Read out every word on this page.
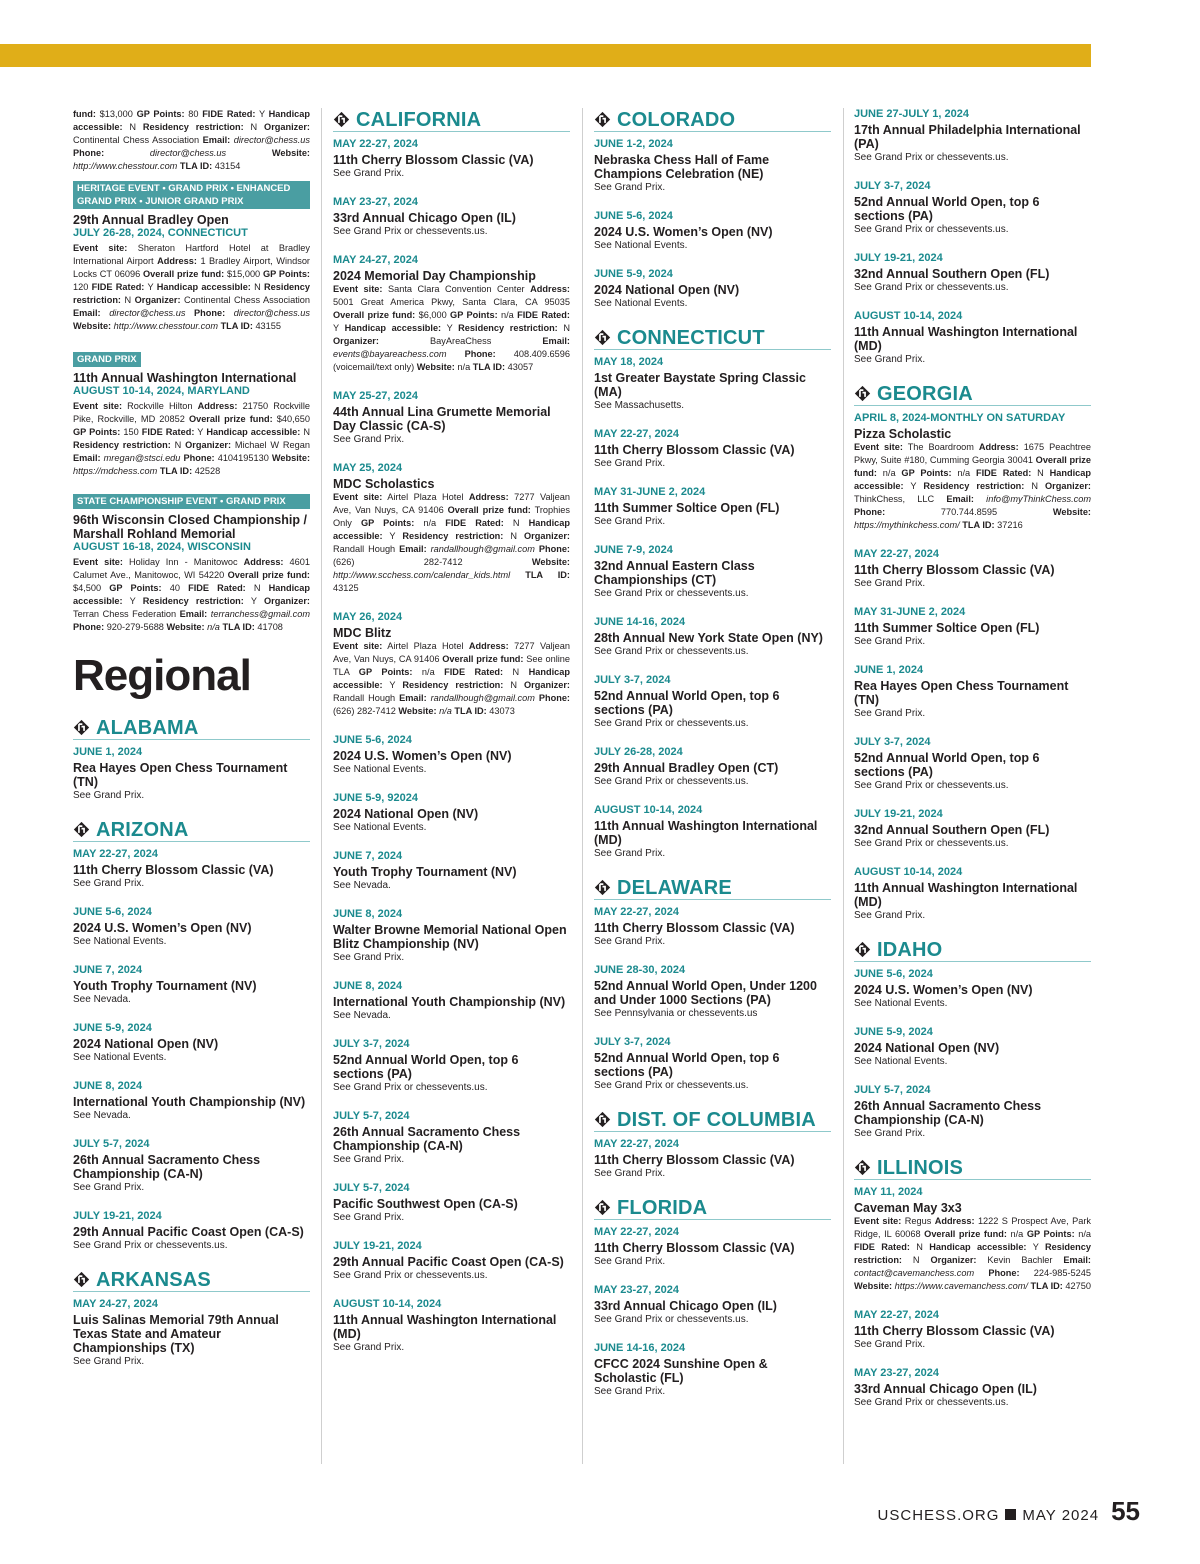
fund: $13,000 GP Points: 80 FIDE Rated: Y Handicap accessible: N Residency restriction: N Organizer: Continental Chess Association Email: director@chess.us Phone: director@chess.us Website: http://www.chesstour.com TLA ID: 43154
HERITAGE EVENT • GRAND PRIX • ENHANCED GRAND PRIX • JUNIOR GRAND PRIX
29th Annual Bradley Open
JULY 26-28, 2024, CONNECTICUT
Event site: Sheraton Hartford Hotel at Bradley International Airport Address: 1 Bradley Airport, Windsor Locks CT 06096 Overall prize fund: $15,000 GP Points: 120 FIDE Rated: Y Handicap accessible: N Residency restriction: N Organizer: Continental Chess Association Email: director@chess.us Phone: director@chess.us Website: http://www.chesstour.com TLA ID: 43155
GRAND PRIX
11th Annual Washington International
AUGUST 10-14, 2024, MARYLAND
Event site: Rockville Hilton Address: 21750 Rockville Pike, Rockville, MD 20852 Overall prize fund: $40,650 GP Points: 150 FIDE Rated: Y Handicap accessible: N Residency restriction: N Organizer: Michael W Regan Email: mregan@stsci.edu Phone: 4104195130 Website: https://mdchess.com TLA ID: 42528
STATE CHAMPIONSHIP EVENT • GRAND PRIX
96th Wisconsin Closed Championship / Marshall Rohland Memorial
AUGUST 16-18, 2024, WISCONSIN
Event site: Holiday Inn - Manitowoc Address: 4601 Calumet Ave., Manitowoc, WI 54220 Overall prize fund: $4,500 GP Points: 40 FIDE Rated: N Handicap accessible: Y Residency restriction: Y Organizer: Terran Chess Federation Email: terranchess@gmail.com Phone: 920-279-5688 Website: n/a TLA ID: 41708
Regional
ALABAMA
JUNE 1, 2024
Rea Hayes Open Chess Tournament (TN)
See Grand Prix.
ARIZONA
MAY 22-27, 2024
11th Cherry Blossom Classic (VA)
See Grand Prix.
JUNE 5-6, 2024
2024 U.S. Women’s Open (NV)
See National Events.
JUNE 7, 2024
Youth Trophy Tournament (NV)
See Nevada.
JUNE 5-9, 2024
2024 National Open (NV)
See National Events.
JUNE 8, 2024
International Youth Championship (NV)
See Nevada.
JULY 5-7, 2024
26th Annual Sacramento Chess Championship (CA-N)
See Grand Prix.
JULY 19-21, 2024
29th Annual Pacific Coast Open (CA-S)
See Grand Prix or chessevents.us.
ARKANSAS
MAY 24-27, 2024
Luis Salinas Memorial 79th Annual Texas State and Amateur Championships (TX)
See Grand Prix.
CALIFORNIA
MAY 22-27, 2024
11th Cherry Blossom Classic (VA)
See Grand Prix.
MAY 23-27, 2024
33rd Annual Chicago Open (IL)
See Grand Prix or chessevents.us.
MAY 24-27, 2024
2024 Memorial Day Championship
Event site: Santa Clara Convention Center Address: 5001 Great America Pkwy, Santa Clara, CA 95035 Overall prize fund: $6,000 GP Points: n/a FIDE Rated: Y Handicap accessible: Y Residency restriction: N Organizer: BayAreaChess Email: events@bayareachess.com Phone: 408.409.6596 (voicemail/text only) Website: n/a TLA ID: 43057
MAY 25-27, 2024
44th Annual Lina Grumette Memorial Day Classic (CA-S)
See Grand Prix.
MAY 25, 2024
MDC Scholastics
Event site: Airtel Plaza Hotel Address: 7277 Valjean Ave, Van Nuys, CA 91406 Overall prize fund: Trophies Only GP Points: n/a FIDE Rated: N Handicap accessible: Y Residency restriction: N Organizer: Randall Hough Email: randallhough@gmail.com Phone: (626) 282-7412 Website: http://www.scchess.com/calendar_kids.html TLA ID: 43125
MAY 26, 2024
MDC Blitz
Event site: Airtel Plaza Hotel Address: 7277 Valjean Ave, Van Nuys, CA 91406 Overall prize fund: See online TLA GP Points: n/a FIDE Rated: N Handicap accessible: Y Residency restriction: N Organizer: Randall Hough Email: randallhough@gmail.com Phone: (626) 282-7412 Website: n/a TLA ID: 43073
JUNE 5-6, 2024
2024 U.S. Women’s Open (NV)
See National Events.
JUNE 5-9, 92024
2024 National Open (NV)
See National Events.
JUNE 7, 2024
Youth Trophy Tournament (NV)
See Nevada.
JUNE 8, 2024
Walter Browne Memorial National Open Blitz Championship (NV)
See Grand Prix.
JUNE 8, 2024
International Youth Championship (NV)
See Nevada.
JULY 3-7, 2024
52nd Annual World Open, top 6 sections (PA)
See Grand Prix or chessevents.us.
JULY 5-7, 2024
26th Annual Sacramento Chess Championship (CA-N)
See Grand Prix.
JULY 5-7, 2024
Pacific Southwest Open (CA-S)
See Grand Prix.
JULY 19-21, 2024
29th Annual Pacific Coast Open (CA-S)
See Grand Prix or chessevents.us.
AUGUST 10-14, 2024
11th Annual Washington International (MD)
See Grand Prix.
COLORADO
JUNE 1-2, 2024
Nebraska Chess Hall of Fame Champions Celebration (NE)
See Grand Prix.
JUNE 5-6, 2024
2024 U.S. Women’s Open (NV)
See National Events.
JUNE 5-9, 2024
2024 National Open (NV)
See National Events.
CONNECTICUT
MAY 18, 2024
1st Greater Baystate Spring Classic (MA)
See Massachusetts.
MAY 22-27, 2024
11th Cherry Blossom Classic (VA)
See Grand Prix.
MAY 31-JUNE 2, 2024
11th Summer Soltice Open (FL)
See Grand Prix.
JUNE 7-9, 2024
32nd Annual Eastern Class Championships (CT)
See Grand Prix or chessevents.us.
JUNE 14-16, 2024
28th Annual New York State Open (NY)
See Grand Prix or chessevents.us.
JULY 3-7, 2024
52nd Annual World Open, top 6 sections (PA)
See Grand Prix or chessevents.us.
JULY 26-28, 2024
29th Annual Bradley Open (CT)
See Grand Prix or chessevents.us.
AUGUST 10-14, 2024
11th Annual Washington International (MD)
See Grand Prix.
DELAWARE
MAY 22-27, 2024
11th Cherry Blossom Classic (VA)
See Grand Prix.
JUNE 28-30, 2024
52nd Annual World Open, Under 1200 and Under 1000 Sections (PA)
See Pennsylvania or chessevents.us
JULY 3-7, 2024
52nd Annual World Open, top 6 sections (PA)
See Grand Prix or chessevents.us.
DIST. OF COLUMBIA
MAY 22-27, 2024
11th Cherry Blossom Classic (VA)
See Grand Prix.
FLORIDA
MAY 22-27, 2024
11th Cherry Blossom Classic (VA)
See Grand Prix.
MAY 23-27, 2024
33rd Annual Chicago Open (IL)
See Grand Prix or chessevents.us.
JUNE 14-16, 2024
CFCC 2024 Sunshine Open & Scholastic (FL)
See Grand Prix.
JUNE 27-JULY 1, 2024
17th Annual Philadelphia International (PA)
See Grand Prix or chessevents.us.
JULY 3-7, 2024
52nd Annual World Open, top 6 sections (PA)
See Grand Prix or chessevents.us.
JULY 19-21, 2024
32nd Annual Southern Open (FL)
See Grand Prix or chessevents.us.
AUGUST 10-14, 2024
11th Annual Washington International (MD)
See Grand Prix.
GEORGIA
APRIL 8, 2024-MONTHLY ON SATURDAY
Pizza Scholastic
Event site: The Boardroom Address: 1675 Peachtree Pkwy, Suite #180, Cumming Georgia 30041 Overall prize fund: n/a GP Points: n/a FIDE Rated: N Handicap accessible: Y Residency restriction: N Organizer: ThinkChess, LLC Email: info@myThinkChess.com Phone: 770.744.8595 Website: https://mythinkchess.com/ TLA ID: 37216
MAY 22-27, 2024
11th Cherry Blossom Classic (VA)
See Grand Prix.
MAY 31-JUNE 2, 2024
11th Summer Soltice Open (FL)
See Grand Prix.
JUNE 1, 2024
Rea Hayes Open Chess Tournament (TN)
See Grand Prix.
JULY 3-7, 2024
52nd Annual World Open, top 6 sections (PA)
See Grand Prix or chessevents.us.
JULY 19-21, 2024
32nd Annual Southern Open (FL)
See Grand Prix or chessevents.us.
AUGUST 10-14, 2024
11th Annual Washington International (MD)
See Grand Prix.
IDAHO
JUNE 5-6, 2024
2024 U.S. Women’s Open (NV)
See National Events.
JUNE 5-9, 2024
2024 National Open (NV)
See National Events.
JULY 5-7, 2024
26th Annual Sacramento Chess Championship (CA-N)
See Grand Prix.
ILLINOIS
MAY 11, 2024
Caveman May 3x3
Event site: Regus Address: 1222 S Prospect Ave, Park Ridge, IL 60068 Overall prize fund: n/a GP Points: n/a FIDE Rated: N Handicap accessible: Y Residency restriction: N Organizer: Kevin Bachler Email: contact@cavemanchess.com Phone: 224-985-5245 Website: https://www.cavemanchess.com/ TLA ID: 42750
MAY 22-27, 2024
11th Cherry Blossom Classic (VA)
See Grand Prix.
MAY 23-27, 2024
33rd Annual Chicago Open (IL)
See Grand Prix or chessevents.us.
USCHESS.ORG MAY 2024 55
